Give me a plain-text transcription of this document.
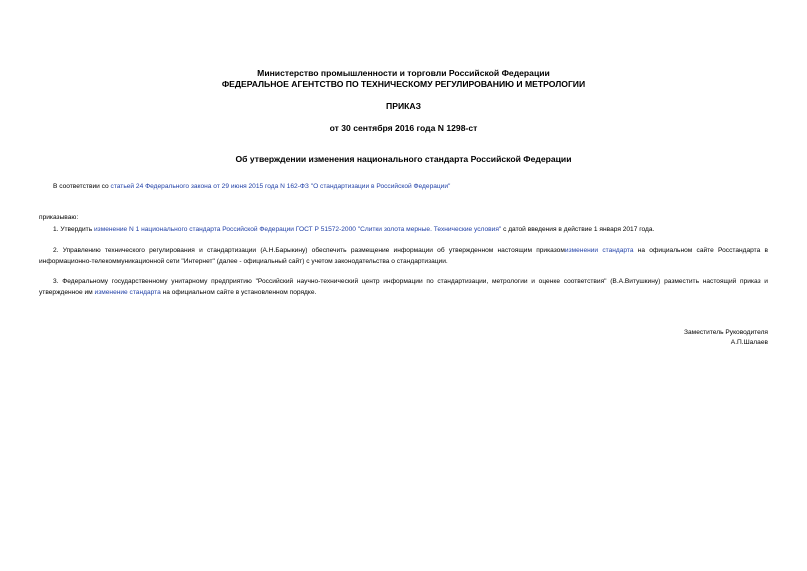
Министерство промышленности и торговли Российской Федерации
ФЕДЕРАЛЬНОЕ АГЕНТСТВО ПО ТЕХНИЧЕСКОМУ РЕГУЛИРОВАНИЮ И МЕТРОЛОГИИ
ПРИКАЗ
от 30 сентября 2016 года N 1298-ст
Об утверждении изменения национального стандарта Российской Федерации
В соответствии со статьей 24 Федерального закона от 29 июня 2015 года N 162-ФЗ "О стандартизации в Российской Федерации"
приказываю:
1. Утвердить изменение N 1 национального стандарта Российской Федерации ГОСТ Р 51572-2000 "Слитки золота мерные. Технические условия" с датой введения в действие 1 января 2017 года.
2. Управлению технического регулирования и стандартизации (А.Н.Барыкину) обеспечить размещение информации об утвержденном настоящим приказомизменении стандарта на официальном сайте Росстандарта в информационно-телекоммуникационной сети "Интернет" (далее - официальный сайт) с учетом законодательства о стандартизации.
3. Федеральному государственному унитарному предприятию "Российский научно-технический центр информации по стандартизации, метрологии и оценке соответствия" (В.А.Витушкину) разместить настоящий приказ и утвержденное им изменение стандарта на официальном сайте в установленном порядке.
Заместитель Руководителя
А.П.Шалаев
